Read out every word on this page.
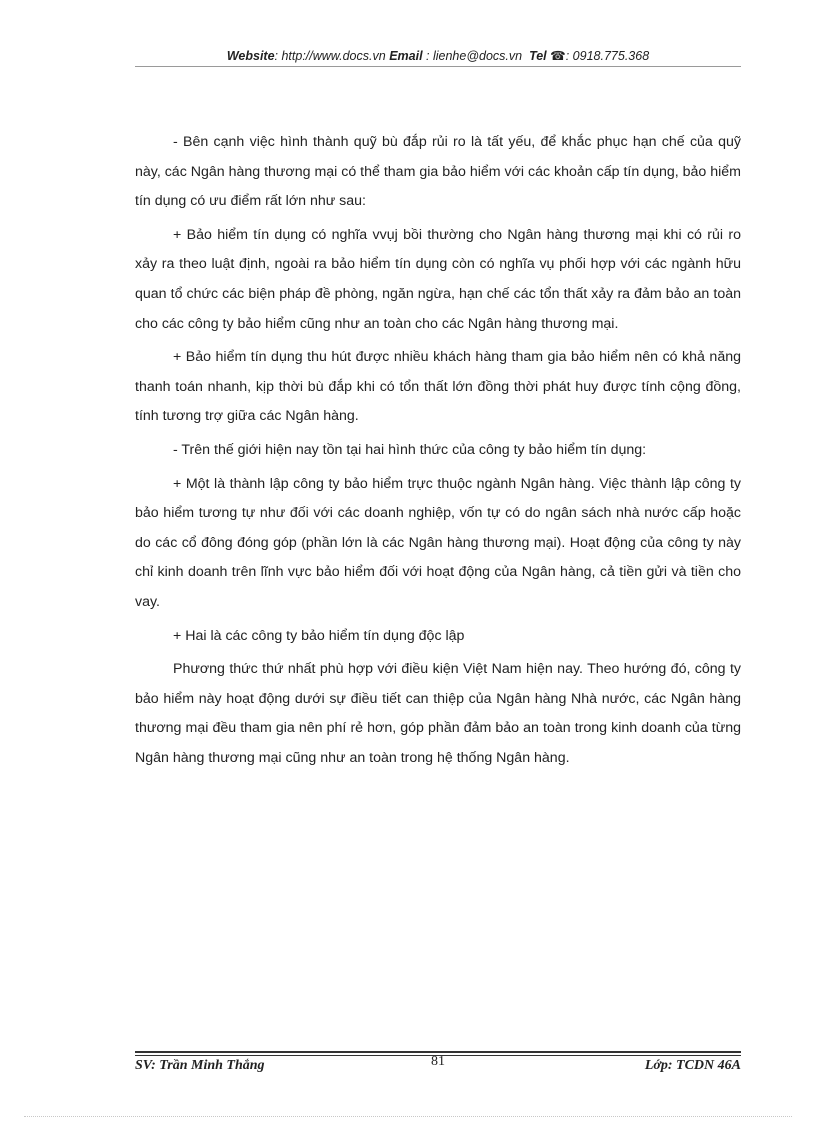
Website: http://www.docs.vn Email : lienhe@docs.vn Tel ☎: 0918.775.368

- Bên cạnh việc hình thành quỹ bù đắp rủi ro là tất yếu, để khắc phục hạn chế của quỹ này, các Ngân hàng thương mại có thể tham gia bảo hiểm với các khoản cấp tín dụng, bảo hiểm tín dụng có ưu điểm rất lớn như sau:

+ Bảo hiểm tín dụng có nghĩa vvụj bồi thường cho Ngân hàng thương mại khi có rủi ro xảy ra theo luật định, ngoài ra bảo hiểm tín dụng còn có nghĩa vụ phối hợp với các ngành hữu quan tổ chức các biện pháp đề phòng, ngăn ngừa, hạn chế các tổn thất xảy ra đảm bảo an toàn cho các công ty bảo hiểm cũng như an toàn cho các Ngân hàng thương mại.

+ Bảo hiểm tín dụng thu hút được nhiều khách hàng tham gia bảo hiểm nên có khả năng thanh toán nhanh, kịp thời bù đắp khi có tổn thất lớn đồng thời phát huy được tính cộng đồng, tính tương trợ giữa các Ngân hàng.

- Trên thế giới hiện nay tồn tại hai hình thức của công ty bảo hiểm tín dụng:

+ Một là thành lập công ty bảo hiểm trực thuộc ngành Ngân hàng. Việc thành lập công ty bảo hiểm tương tự như đối với các doanh nghiệp, vốn tự có do ngân sách nhà nước cấp hoặc do các cổ đông đóng góp (phần lớn là các Ngân hàng thương mại). Hoạt động của công ty này chỉ kinh doanh trên lĩnh vực bảo hiểm đối với hoạt động của Ngân hàng, cả tiền gửi và tiền cho vay.

+ Hai là các công ty bảo hiểm tín dụng độc lập

Phương thức thứ nhất phù hợp với điều kiện Việt Nam hiện nay. Theo hướng đó, công ty bảo hiểm này hoạt động dưới sự điều tiết can thiệp của Ngân hàng Nhà nước, các Ngân hàng thương mại đều tham gia nên phí rẻ hơn, góp phần đảm bảo an toàn trong kinh doanh của từng Ngân hàng thương mại cũng như an toàn trong hệ thống Ngân hàng.

SV: Trần Minh Thắng	81	Lớp: TCDN 46A
